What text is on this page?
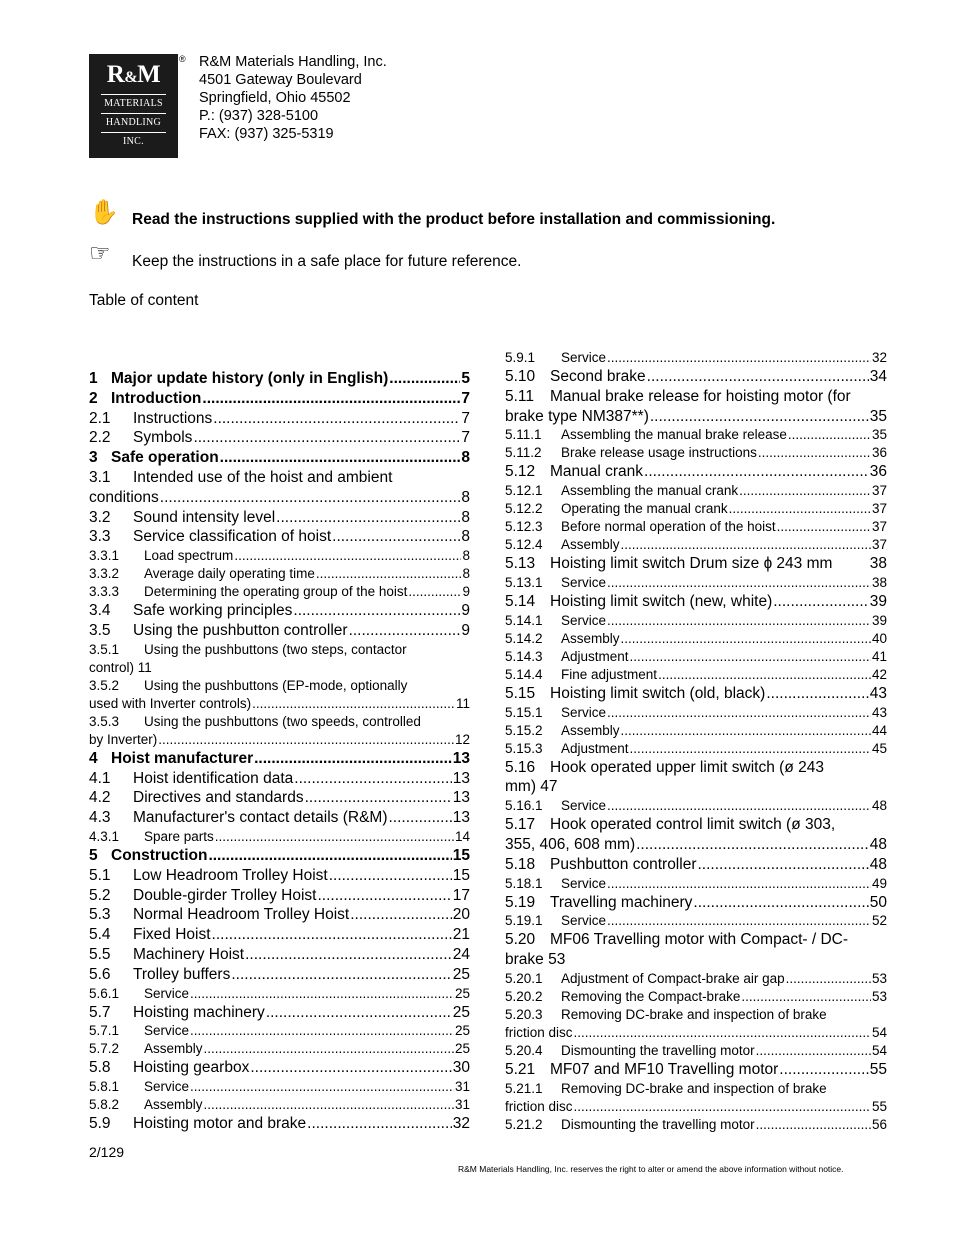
R&M
MATERIALS
HANDLING
INC.
® R&M Materials Handling, Inc.
4501 Gateway Boulevard
Springfield, Ohio 45502
P.: (937) 328-5100
FAX: (937) 325-5319
✋ Read the instructions supplied with the product before installation and commissioning.
☞ Keep the instructions in a safe place for future reference.
Table of content
1 Major update history (only in English) .....	5
2 Introduction .....	7
2.1	Instructions .....	7
2.2	Symbols .....	7
3 Safe operation .....	8
3.1 Intended use of the hoist and ambient
conditions .....	8
3.2	Sound intensity level .....	8
3.3	Service classification of hoist .....	8
3.3.1	Load spectrum .....	8
3.3.2	Average daily operating time .....	8
3.3.3	Determining the operating group of the hoist .....	9
3.4	Safe working principles .....	9
3.5	Using the pushbutton controller .....	9
3.5.1 Using the pushbuttons (two steps, contactor
control) 11
3.5.2 Using the pushbuttons (EP-mode, optionally
used with Inverter controls) .....	11
3.5.3 Using the pushbuttons (two speeds, controlled
by Inverter) .....	12
4 Hoist manufacturer .....	13
4.1	Hoist identification data .....	13
4.2	Directives and standards .....	13
4.3	Manufacturer's contact details (R&M) .....	13
4.3.1	Spare parts .....	14
5 Construction .....	15
5.1	Low Headroom Trolley Hoist .....	15
5.2	Double-girder Trolley Hoist .....	17
5.3	Normal Headroom Trolley Hoist .....	20
5.4	Fixed Hoist .....	21
5.5	Machinery Hoist .....	24
5.6	Trolley buffers .....	25
5.6.1	Service .....	25
5.7	Hoisting machinery .....	25
5.7.1	Service .....	25
5.7.2	Assembly .....	25
5.8	Hoisting gearbox .....	30
5.8.1	Service .....	31
5.8.2	Assembly .....	31
5.9	Hoisting motor and brake .....	32
5.9.1	Service .....	32
5.10 Second brake .....	34
5.11 Manual brake release for hoisting motor (for
brake type NM387**) .....	35
5.11.1	Assembling the manual brake release .....	35
5.11.2	Brake release usage instructions .....	36
5.12 Manual crank .....	36
5.12.1	Assembling the manual crank .....	37
5.12.2	Operating the manual crank .....	37
5.12.3	Before normal operation of the hoist .....	37
5.12.4	Assembly .....	37
5.13 Hoisting limit switch Drum size ɸ 243 mm 38
5.13.1	Service .....	38
5.14 Hoisting limit switch (new, white) .....	39
5.14.1	Service .....	39
5.14.2	Assembly .....	40
5.14.3	Adjustment .....	41
5.14.4	Fine adjustment .....	42
5.15 Hoisting limit switch (old, black) .....	43
5.15.1	Service .....	43
5.15.2	Assembly .....	44
5.15.3	Adjustment .....	45
5.16 Hook operated upper limit switch (ø 243
mm) 47
5.16.1	Service .....	48
5.17 Hook operated control limit switch (ø 303,
355, 406, 608 mm) .....	48
5.18 Pushbutton controller .....	48
5.18.1	Service .....	49
5.19 Travelling machinery .....	50
5.19.1	Service .....	52
5.20 MF06 Travelling motor with Compact- / DC-
brake 53
5.20.1	Adjustment of Compact-brake air gap .....	53
5.20.2	Removing the Compact-brake .....	53
5.20.3 Removing DC-brake and inspection of brake
friction disc .....	54
5.20.4	Dismounting the travelling motor .....	54
5.21 MF07 and MF10 Travelling motor .....	55
5.21.1 Removing DC-brake and inspection of brake
friction disc .....	55
5.21.2	Dismounting the travelling motor .....	56
2/129
R&M Materials Handling, Inc. reserves the right to alter or amend the above information without notice.
